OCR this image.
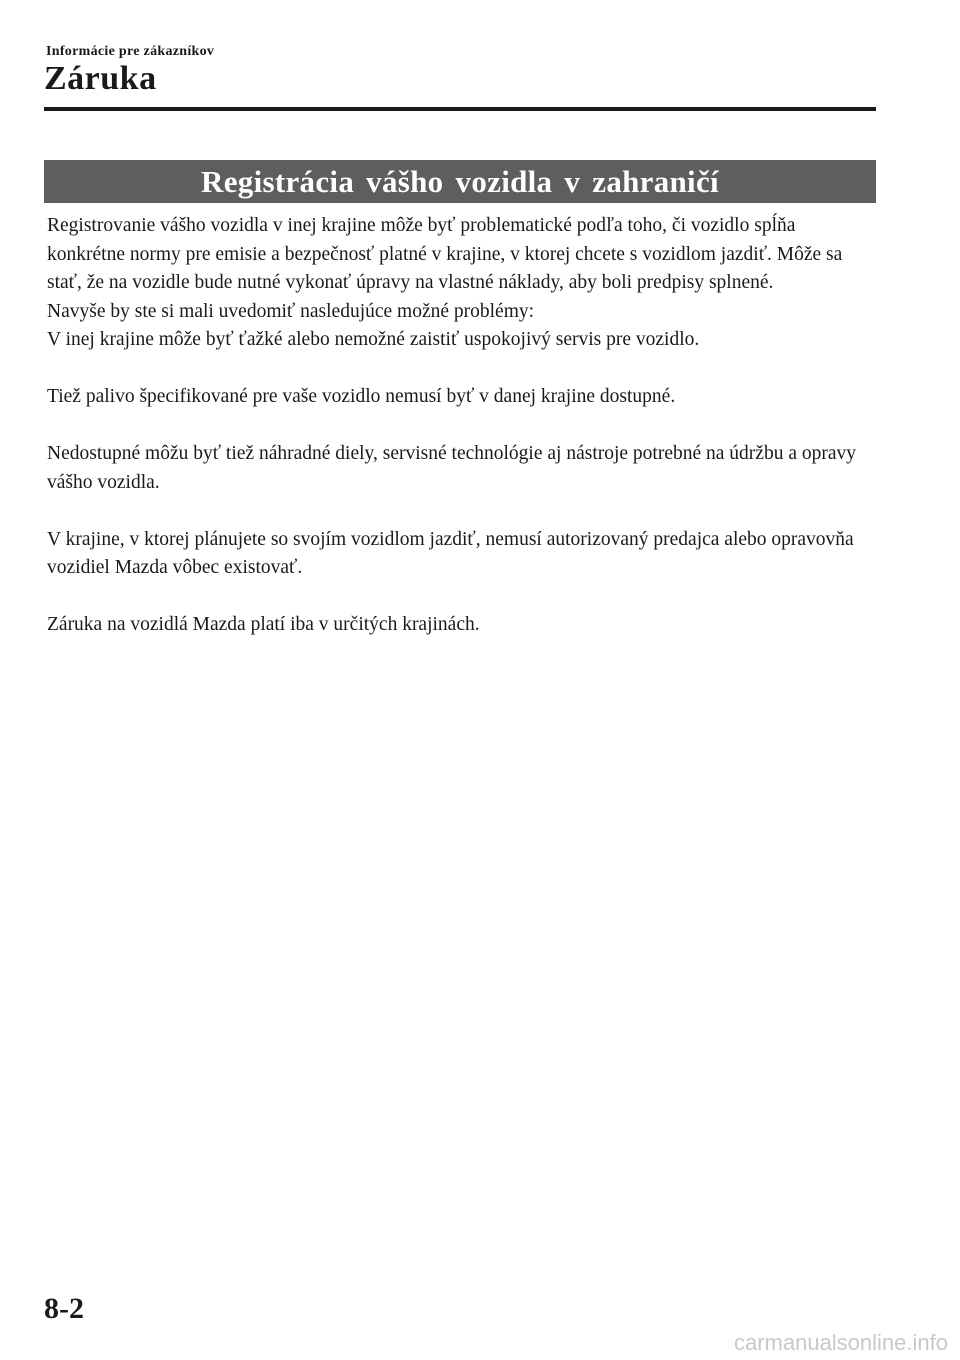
Informácie pre zákazníkov
Záruka
Registrácia vášho vozidla v zahraničí

Registrovanie vášho vozidla v inej krajine môže byť problematické podľa toho, či vozidlo spĺňa konkrétne normy pre emisie a bezpečnosť platné v krajine, v ktorej chcete s vozidlom jazdiť. Môže sa stať, že na vozidle bude nutné vykonať úpravy na vlastné náklady, aby boli predpisy splnené.

Navyše by ste si mali uvedomiť nasledujúce možné problémy:

V inej krajine môže byť ťažké alebo nemožné zaistiť uspokojivý servis pre vozidlo.

Tiež palivo špecifikované pre vaše vozidlo nemusí byť v danej krajine dostupné.

Nedostupné môžu byť tiež náhradné diely, servisné technológie aj nástroje potrebné na údržbu a opravy vášho vozidla.

V krajine, v ktorej plánujete so svojím vozidlom jazdiť, nemusí autorizovaný predajca alebo opravovňa vozidiel Mazda vôbec existovať.

Záruka na vozidlá Mazda platí iba v určitých krajinách.

8-2
carmanualsonline.info
